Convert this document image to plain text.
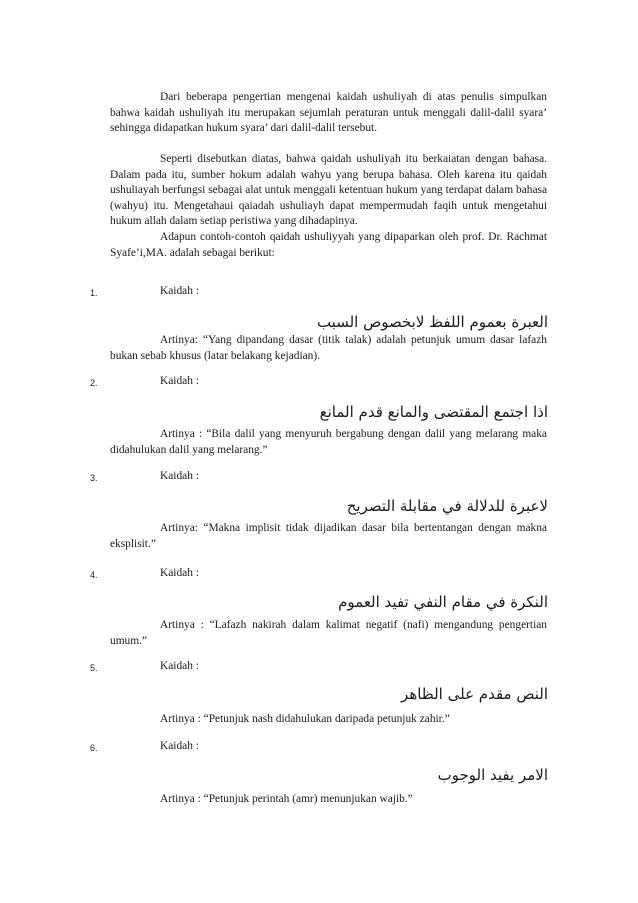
Dari beberapa pengertian mengenai kaidah ushuliyah di atas penulis simpulkan bahwa kaidah ushuliyah itu merupakan sejumlah peraturan untuk menggali dalil-dalil syara’ sehingga didapatkan hukum syara’ dari dalil-dalil tersebut.

Seperti disebutkan diatas, bahwa qaidah ushuliyah itu berkaiatan dengan bahasa. Dalam pada itu, sumber hokum adalah wahyu yang berupa bahasa. Oleh karena itu qaidah ushuliayah berfungsi sebagai alat untuk menggali ketentuan hukum yang terdapat dalam bahasa (wahyu) itu. Mengetahaui qaiadah ushuliayh dapat mempermudah faqih untuk mengetahui hukum allah dalam setiap peristiwa yang dihadapinya.

Adapun contoh-contoh qaidah ushuliyyah yang dipaparkan oleh prof. Dr. Rachmat Syafe’i,MA. adalah sebagai berikut:

1.	Kaidah :
العبرة بعموم اللفظ لابخصوص السبب

Artinya: “Yang dipandang dasar (titik talak) adalah petunjuk umum dasar lafazh bukan sebab khusus (latar belakang kejadian).

2.	Kaidah :
اذا اجتمع المقتضى والمانع قدم المانع

Artinya : “Bila dalil yang menyuruh bergabung dengan dalil yang melarang maka didahulukan dalil yang melarang.”

3.	Kaidah :
لاعبرة للدلالة في مقابلة التصريح

Artinya: “Makna implisit tidak dijadikan dasar bila bertentangan dengan makna eksplisit.”

4.	Kaidah :
النكرة في مقام النفي تفيد العموم

Artinya : “Lafazh nakirah dalam kalimat negatif (nafi) mengandung pengertian umum.”

5.	Kaidah :
النص مقدم على الظاهر

Artinya : “Petunjuk nash didahulukan daripada petunjuk zahir.”

6.	Kaidah :
الامر يفيد الوجوب

Artinya : “Petunjuk perintah (amr) menunjukan wajib.”
